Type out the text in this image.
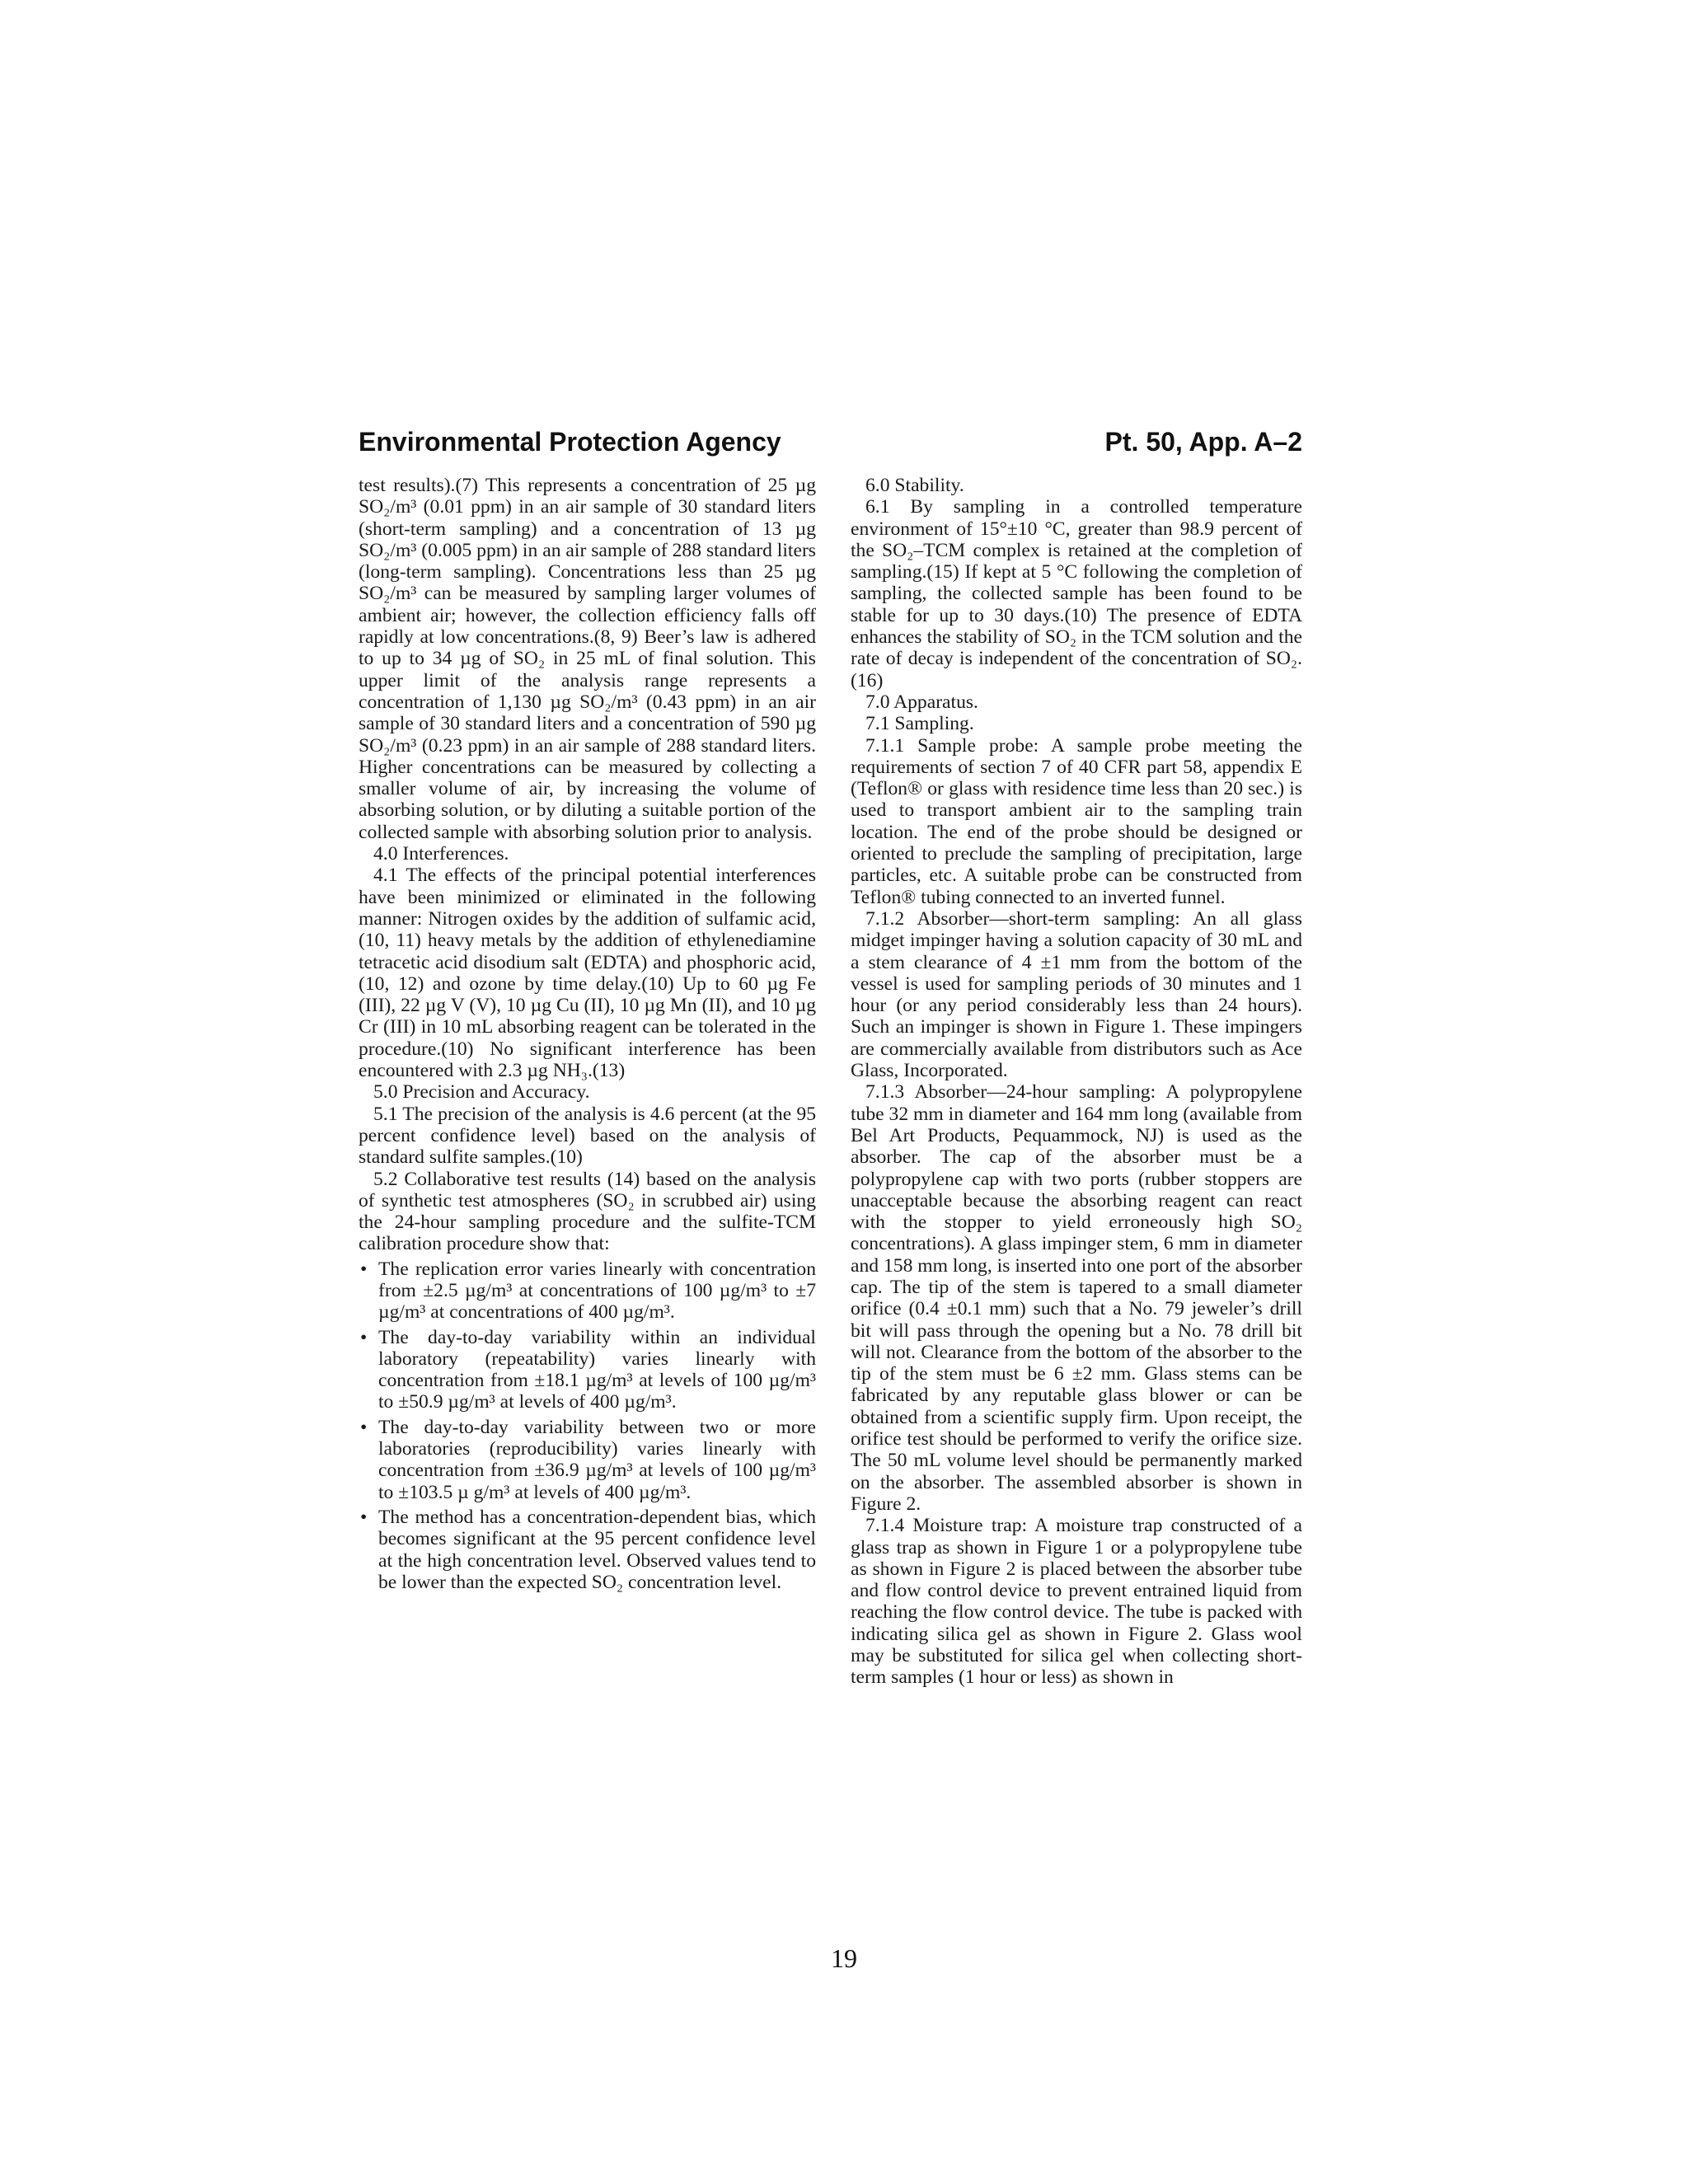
Environmental Protection Agency	Pt. 50, App. A–2

test results).(7) This represents a concentration of 25 µg SO₂/m³ (0.01 ppm) in an air sample of 30 standard liters (short-term sampling) and a concentration of 13 µg SO₂/m³ (0.005 ppm) in an air sample of 288 standard liters (long-term sampling). Concentrations less than 25 µg SO₂/m³ can be measured by sampling larger volumes of ambient air; however, the collection efficiency falls off rapidly at low concentrations.(8, 9) Beer’s law is adhered to up to 34 µg of SO₂ in 25 mL of final solution. This upper limit of the analysis range represents a concentration of 1,130 µg SO₂/m³ (0.43 ppm) in an air sample of 30 standard liters and a concentration of 590 µg SO₂/m³ (0.23 ppm) in an air sample of 288 standard liters. Higher concentrations can be measured by collecting a smaller volume of air, by increasing the volume of absorbing solution, or by diluting a suitable portion of the collected sample with absorbing solution prior to analysis.

4.0 Interferences.

4.1 The effects of the principal potential interferences have been minimized or eliminated in the following manner: Nitrogen oxides by the addition of sulfamic acid,(10, 11) heavy metals by the addition of ethylenediamine tetracetic acid disodium salt (EDTA) and phosphoric acid,(10, 12) and ozone by time delay.(10) Up to 60 µg Fe (III), 22 µg V (V), 10 µg Cu (II), 10 µg Mn (II), and 10 µg Cr (III) in 10 mL absorbing reagent can be tolerated in the procedure.(10) No significant interference has been encountered with 2.3 µg NH₃.(13)

5.0 Precision and Accuracy.

5.1 The precision of the analysis is 4.6 percent (at the 95 percent confidence level) based on the analysis of standard sulfite samples.(10)

5.2 Collaborative test results (14) based on the analysis of synthetic test atmospheres (SO₂ in scrubbed air) using the 24-hour sampling procedure and the sulfite-TCM calibration procedure show that:

• The replication error varies linearly with concentration from ±2.5 µg/m³ at concentrations of 100 µg/m³ to ±7 µg/m³ at concentrations of 400 µg/m³.
• The day-to-day variability within an individual laboratory (repeatability) varies linearly with concentration from ±18.1 µg/m³ at levels of 100 µg/m³ to ±50.9 µg/m³ at levels of 400 µg/m³.
• The day-to-day variability between two or more laboratories (reproducibility) varies linearly with concentration from ±36.9 µg/m³ at levels of 100 µg/m³ to ±103.5 µ g/m³ at levels of 400 µg/m³.
• The method has a concentration-dependent bias, which becomes significant at the 95 percent confidence level at the high concentration level. Observed values tend to be lower than the expected SO₂ concentration level.

6.0 Stability.

6.1 By sampling in a controlled temperature environment of 15°±10 °C, greater than 98.9 percent of the SO₂–TCM complex is retained at the completion of sampling.(15) If kept at 5 °C following the completion of sampling, the collected sample has been found to be stable for up to 30 days.(10) The presence of EDTA enhances the stability of SO₂ in the TCM solution and the rate of decay is independent of the concentration of SO₂.(16)

7.0 Apparatus.

7.1 Sampling.

7.1.1 Sample probe: A sample probe meeting the requirements of section 7 of 40 CFR part 58, appendix E (Teflon® or glass with residence time less than 20 sec.) is used to transport ambient air to the sampling train location. The end of the probe should be designed or oriented to preclude the sampling of precipitation, large particles, etc. A suitable probe can be constructed from Teflon® tubing connected to an inverted funnel.

7.1.2 Absorber—short-term sampling: An all glass midget impinger having a solution capacity of 30 mL and a stem clearance of 4 ±1 mm from the bottom of the vessel is used for sampling periods of 30 minutes and 1 hour (or any period considerably less than 24 hours). Such an impinger is shown in Figure 1. These impingers are commercially available from distributors such as Ace Glass, Incorporated.

7.1.3 Absorber—24-hour sampling: A polypropylene tube 32 mm in diameter and 164 mm long (available from Bel Art Products, Pequammock, NJ) is used as the absorber. The cap of the absorber must be a polypropylene cap with two ports (rubber stoppers are unacceptable because the absorbing reagent can react with the stopper to yield erroneously high SO₂ concentrations). A glass impinger stem, 6 mm in diameter and 158 mm long, is inserted into one port of the absorber cap. The tip of the stem is tapered to a small diameter orifice (0.4 ±0.1 mm) such that a No. 79 jeweler’s drill bit will pass through the opening but a No. 78 drill bit will not. Clearance from the bottom of the absorber to the tip of the stem must be 6 ±2 mm. Glass stems can be fabricated by any reputable glass blower or can be obtained from a scientific supply firm. Upon receipt, the orifice test should be performed to verify the orifice size. The 50 mL volume level should be permanently marked on the absorber. The assembled absorber is shown in Figure 2.

7.1.4 Moisture trap: A moisture trap constructed of a glass trap as shown in Figure 1 or a polypropylene tube as shown in Figure 2 is placed between the absorber tube and flow control device to prevent entrained liquid from reaching the flow control device. The tube is packed with indicating silica gel as shown in Figure 2. Glass wool may be substituted for silica gel when collecting short-term samples (1 hour or less) as shown in

19
